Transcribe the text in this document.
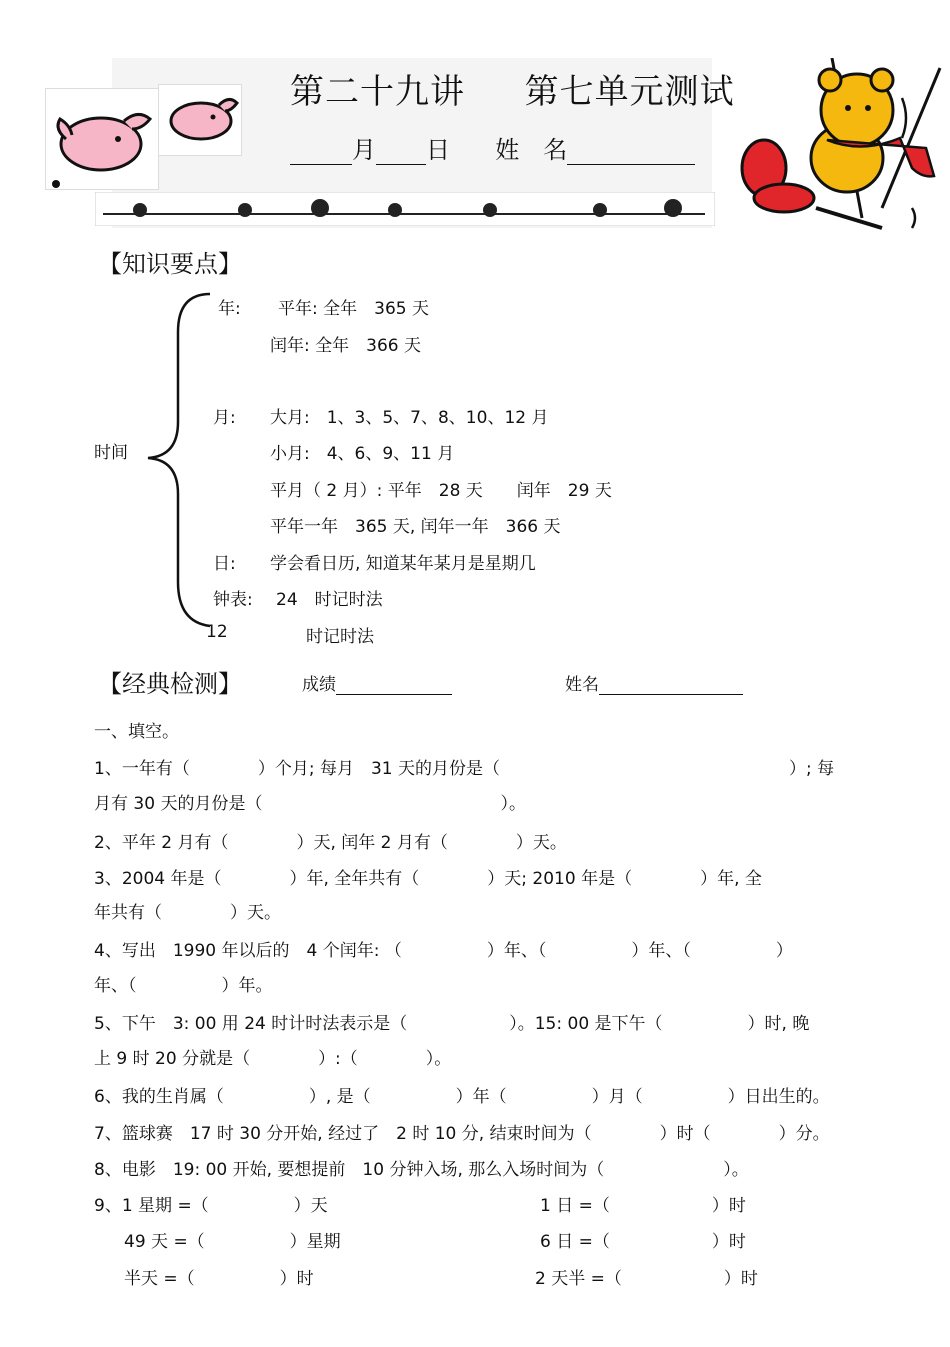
第二十九讲 第七单元测试
月 日 姓　名
【知识要点】
时间
年: 平年: 全年　365 天
闰年: 全年　366 天
月: 大月:　1、3、5、7、8、10、12 月
小月:　4、6、9、11 月
平月（ 2 月）: 平年　28 天　　闰年　29 天
平年一年　365 天, 闰年一年　366 天
日: 学会看日历, 知道某年某月是星期几
钟表: 24　时记时法
12	时记时法
【经典检测】	成绩	姓名
一、填空。
1、一年有（　　　　）个月; 每月　31 天的月份是（　　　　　　　　　　　　　　　　　）; 每
月有 30 天的月份是（　　　　　　　　　　　　　　）。
2、平年 2 月有（　　　　）天, 闰年 2 月有（　　　　）天。
3、2004 年是（　　　　）年, 全年共有（　　　　）天; 2010 年是（　　　　）年, 全
年共有（　　　　）天。
4、写出　1990 年以后的　4 个闰年: （　　　　　）年、（　　　　　）年、（　　　　　）
年、（　　　　　）年。
5、下午　3: 00 用 24 时计时法表示是（　　　　　　）。15: 00 是下午（　　　　　）时, 晚
上 9 时 20 分就是（　　　　）:（　　　　）。
6、我的生肖属（　　　　　）, 是（　　　　　）年（　　　　　）月（　　　　　）日出生的。
7、篮球赛　17 时 30 分开始, 经过了　2 时 10 分, 结束时间为（　　　　）时（　　　　）分。
8、电影　19: 00 开始, 要想提前　10 分钟入场, 那么入场时间为（　　　　　　　）。
9、1 星期 =（　　　　　）天	1 日 =（　　　　　　）时
49 天 =（　　　　　）星期	6 日 =（　　　　　　）时
半天 =（　　　　　）时	2 天半 =（　　　　　　）时
